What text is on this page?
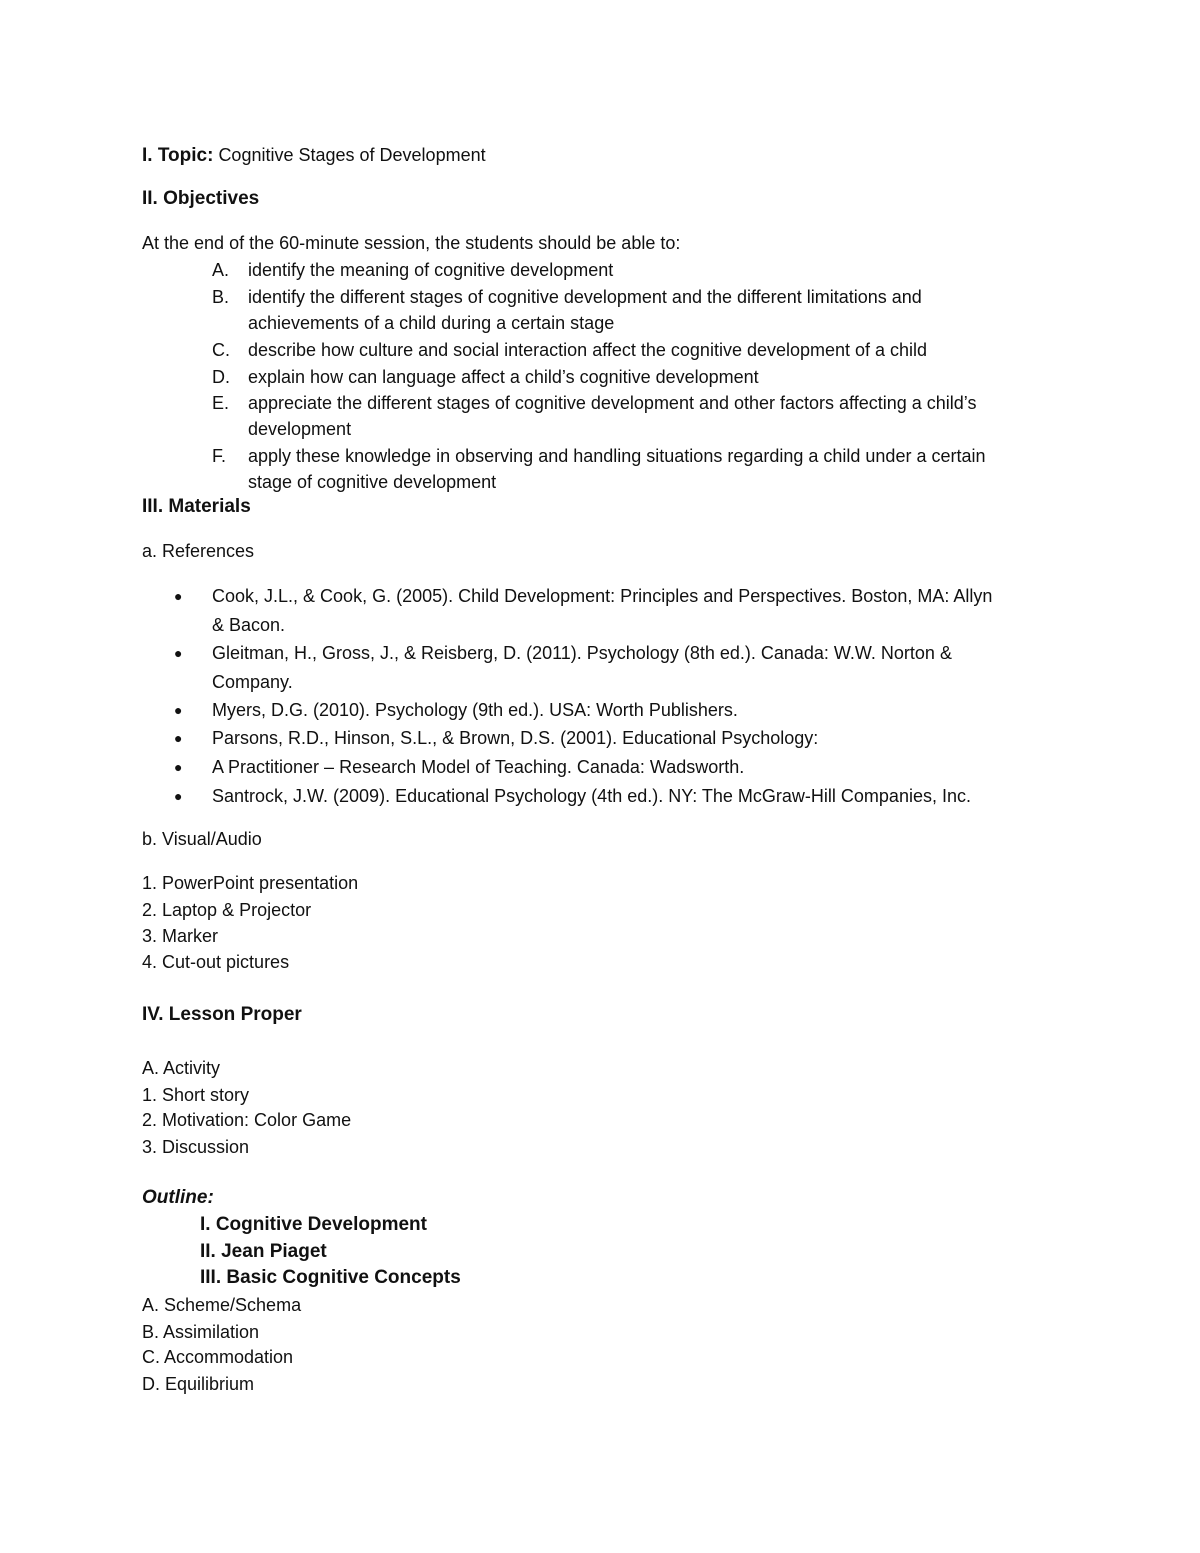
I. Topic: Cognitive Stages of Development
II. Objectives
At the end of the 60-minute session, the students should be able to:
A.	identify the meaning of cognitive development
B.	identify the different stages of cognitive development and the different limitations and
achievements of a child during a certain stage
C.	describe how culture and social interaction affect the cognitive development of a child
D.	explain how can language affect a child’s cognitive development
E.	appreciate the different stages of cognitive development and other factors affecting a child’s
development
F.	apply these knowledge in observing and handling situations regarding a child under a certain
stage of cognitive development
III. Materials
a. References
● Cook, J.L., & Cook, G. (2005). Child Development: Principles and Perspectives. Boston, MA: Allyn
& Bacon.
● Gleitman, H., Gross, J., & Reisberg, D. (2011). Psychology (8th ed.). Canada: W.W. Norton &
Company.
● Myers, D.G. (2010). Psychology (9th ed.). USA: Worth Publishers.
● Parsons, R.D., Hinson, S.L., & Brown, D.S. (2001). Educational Psychology:
● A Practitioner – Research Model of Teaching. Canada: Wadsworth.
● Santrock, J.W. (2009). Educational Psychology (4th ed.). NY: The McGraw-Hill Companies, Inc.
b. Visual/Audio
1. PowerPoint presentation
2. Laptop & Projector
3. Marker
4. Cut-out pictures
IV. Lesson Proper
A. Activity
1. Short story
2. Motivation: Color Game
3. Discussion
Outline:
I. Cognitive Development
II. Jean Piaget
III. Basic Cognitive Concepts
A. Scheme/Schema
B. Assimilation
C. Accommodation
D. Equilibrium
